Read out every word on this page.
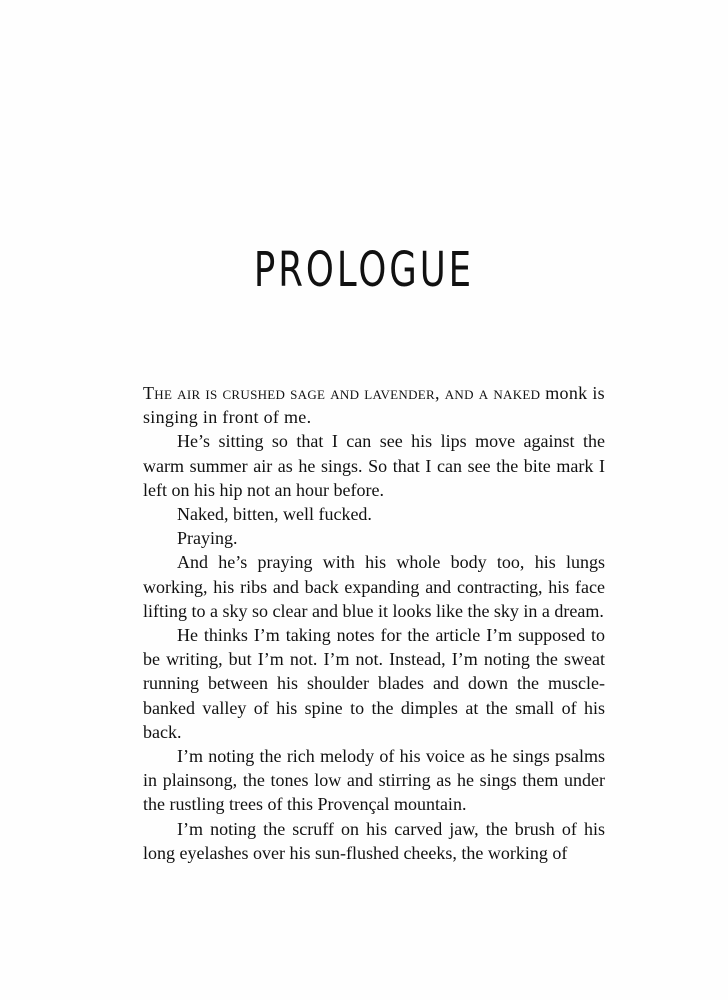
PROLOGUE

The air is crushed sage and lavender, and a naked monk is singing in front of me.

He’s sitting so that I can see his lips move against the warm summer air as he sings. So that I can see the bite mark I left on his hip not an hour before.

Naked, bitten, well fucked.

Praying.

And he’s praying with his whole body too, his lungs working, his ribs and back expanding and contracting, his face lifting to a sky so clear and blue it looks like the sky in a dream.

He thinks I’m taking notes for the article I’m supposed to be writing, but I’m not. I’m not. Instead, I’m noting the sweat running between his shoulder blades and down the muscle-banked valley of his spine to the dimples at the small of his back.

I’m noting the rich melody of his voice as he sings psalms in plainsong, the tones low and stirring as he sings them under the rustling trees of this Provençal mountain.

I’m noting the scruff on his carved jaw, the brush of his long eyelashes over his sun-flushed cheeks, the working of
